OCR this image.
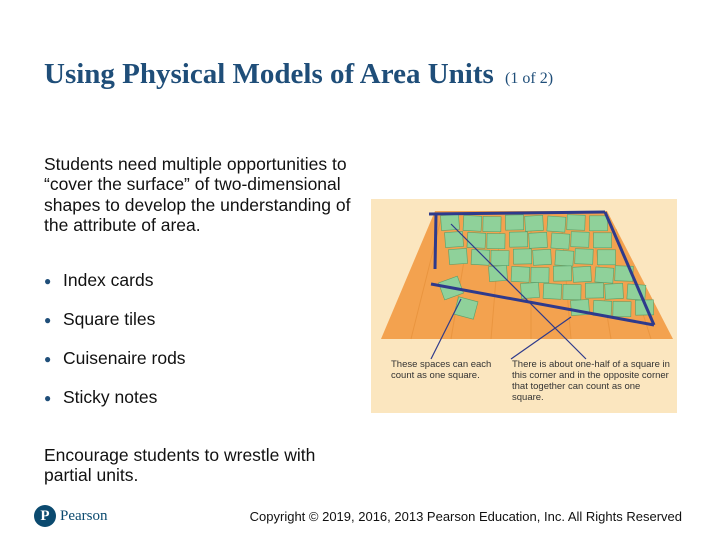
Using Physical Models of Area Units (1 of 2)

Students need multiple opportunities to “cover the surface” of two-dimensional shapes to develop the understanding of the attribute of area.

● Index cards
● Square tiles
● Cuisenaire rods
● Sticky notes

Encourage students to wrestle with partial units.

These spaces can each count as one square.
There is about one-half of a square in this corner and in the opposite corner that together can count as one square.
P Pearson	Copyright © 2019, 2016, 2013 Pearson Education, Inc. All Rights Reserved
